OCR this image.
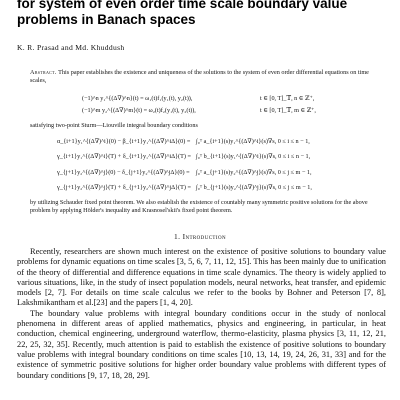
for system of even order time scale boundary value
problems in Banach spaces
K. R. Prasad and Md. Khuddush
Abstract. This paper establishes the existence and uniqueness of the solutions to the system of even order differential equations on time scales,
(−1)^n y₁^{(Δ∇)^n}(t) = ω₁(t)f₁(y₁(t), y₂(t)),	t ∈ [0, T]_𝕋, n ∈ ℤ⁺,
(−1)^m y₂^{(Δ∇)^m}(t) = ω₂(t)f₂(y₁(t), y₂(t)),	t ∈ [0, T]_𝕋, m ∈ ℤ⁺,
satisfying two-point Sturm—Liouville integral boundary conditions
α_{i+1}y₁^{(Δ∇)^i}(0) − β_{i+1}y₁^{(Δ∇)^iΔ}(0) = ∫₀ᵀ a_{i+1}(s)y₁^{(Δ∇)^i}(s)∇s, 0 ≤ i ≤ n − 1,
γ_{i+1}y₁^{(Δ∇)^i}(T) + δ_{i+1}y₁^{(Δ∇)^iΔ}(T) = ∫₀ᵀ b_{i+1}(s)y₁^{(Δ∇)^i}(s)∇s, 0 ≤ i ≤ n − 1,
γ_{j+1}y₂^{(Δ∇)^j}(0) − δ_{j+1}y₂^{(Δ∇)^jΔ}(0) = ∫₀ᵀ a_{j+1}(s)y₂^{(Δ∇)^j}(s)∇s, 0 ≤ j ≤ m − 1,
γ_{j+1}y₂^{(Δ∇)^j}(T) + δ_{j+1}y₂^{(Δ∇)^jΔ}(T) = ∫₀ᵀ b_{j+1}(s)y₂^{(Δ∇)^j}(s)∇s, 0 ≤ j ≤ m − 1,
by utilizing Schauder fixed point theorem. We also establish the existence of countably many symmetric positive solutions for the above problem by applying Hölder's inequality and Krasnosel'skii's fixed point theorem.
1. Introduction

Recently, researchers are shown much interest on the existence of positive solutions to boundary value problems for dynamic equations on time scales [3, 5, 6, 7, 11, 12, 15]. This has been mainly due to unification of the theory of differential and difference equations in time scale dynamics. The theory is widely applied to various situations, like, in the study of insect population models, neural networks, heat transfer, and epidemic models [2, 7]. For details on time scale calculus we refer to the books by Bohner and Peterson [7, 8], Lakshmikantham et al.[23] and the papers [1, 4, 20].

The boundary value problems with integral boundary conditions occur in the study of nonlocal phenomena in different areas of applied mathematics, physics and engineering, in particular, in heat conduction, chemical engineering, underground waterflow, thermo-elasticity, plasma physics [3, 11, 12, 21, 22, 25, 32, 35]. Recently, much attention is paid to establish the existence of positive solutions to boundary value problems with integral boundary conditions on time scales [10, 13, 14, 19, 24, 26, 31, 33] and for the existence of symmetric positive solutions for higher order boundary value problems with different types of boundary conditions [9, 17, 18, 28, 29].
